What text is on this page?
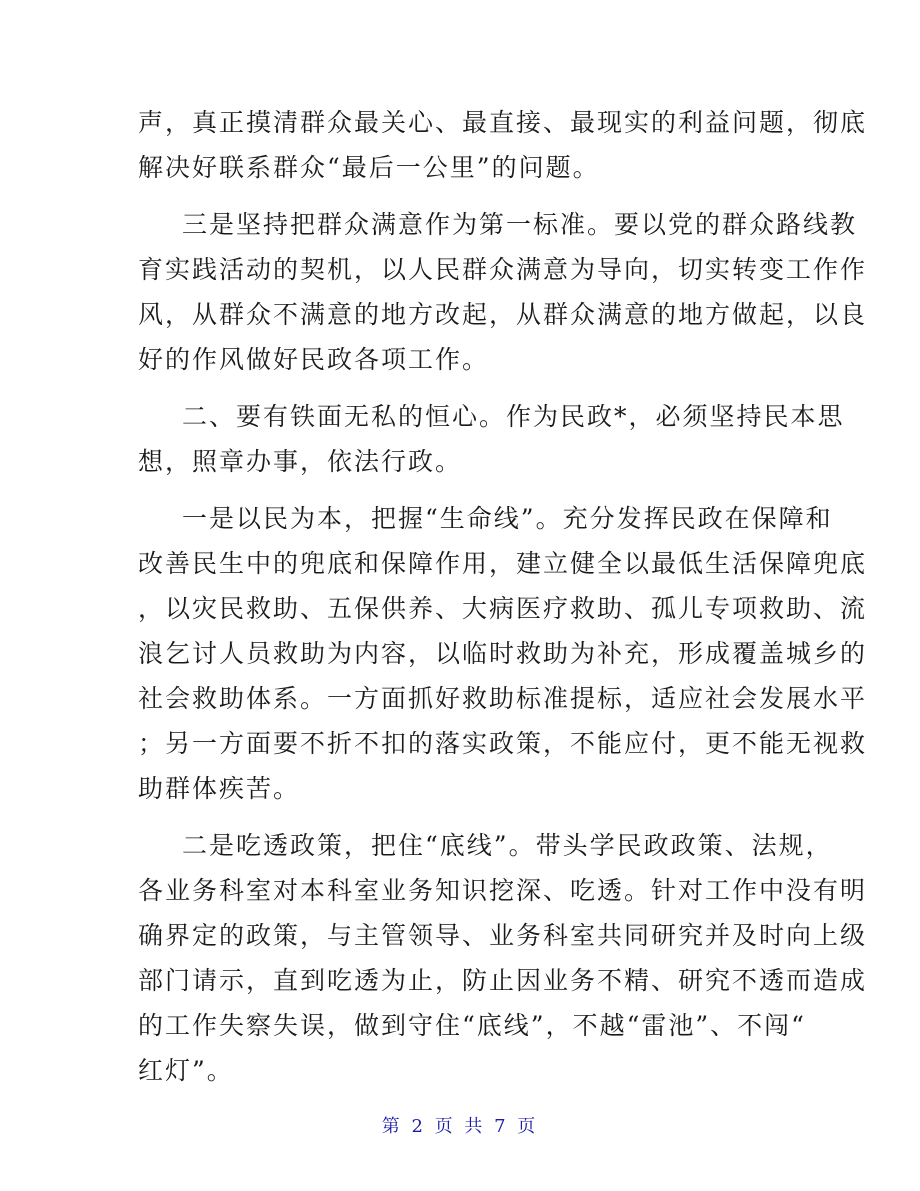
声，真正摸清群众最关心、最直接、最现实的利益问题，彻底
解决好联系群众“最后一公里”的问题。

三是坚持把群众满意作为第一标准。要以党的群众路线教
育实践活动的契机，以人民群众满意为导向，切实转变工作作
风，从群众不满意的地方改起，从群众满意的地方做起，以良
好的作风做好民政各项工作。

二、要有铁面无私的恒心。作为民政*，必须坚持民本思
想，照章办事，依法行政。

一是以民为本，把握“生命线”。充分发挥民政在保障和
改善民生中的兜底和保障作用，建立健全以最低生活保障兜底
，以灾民救助、五保供养、大病医疗救助、孤儿专项救助、流
浪乞讨人员救助为内容，以临时救助为补充，形成覆盖城乡的
社会救助体系。一方面抓好救助标准提标，适应社会发展水平
；另一方面要不折不扣的落实政策，不能应付，更不能无视救
助群体疾苦。

二是吃透政策，把住“底线”。带头学民政政策、法规，
各业务科室对本科室业务知识挖深、吃透。针对工作中没有明
确界定的政策，与主管领导、业务科室共同研究并及时向上级
部门请示，直到吃透为止，防止因业务不精、研究不透而造成
的工作失察失误，做到守住“底线”，不越“雷池”、不闯“
红灯”。

第 2 页 共 7 页
